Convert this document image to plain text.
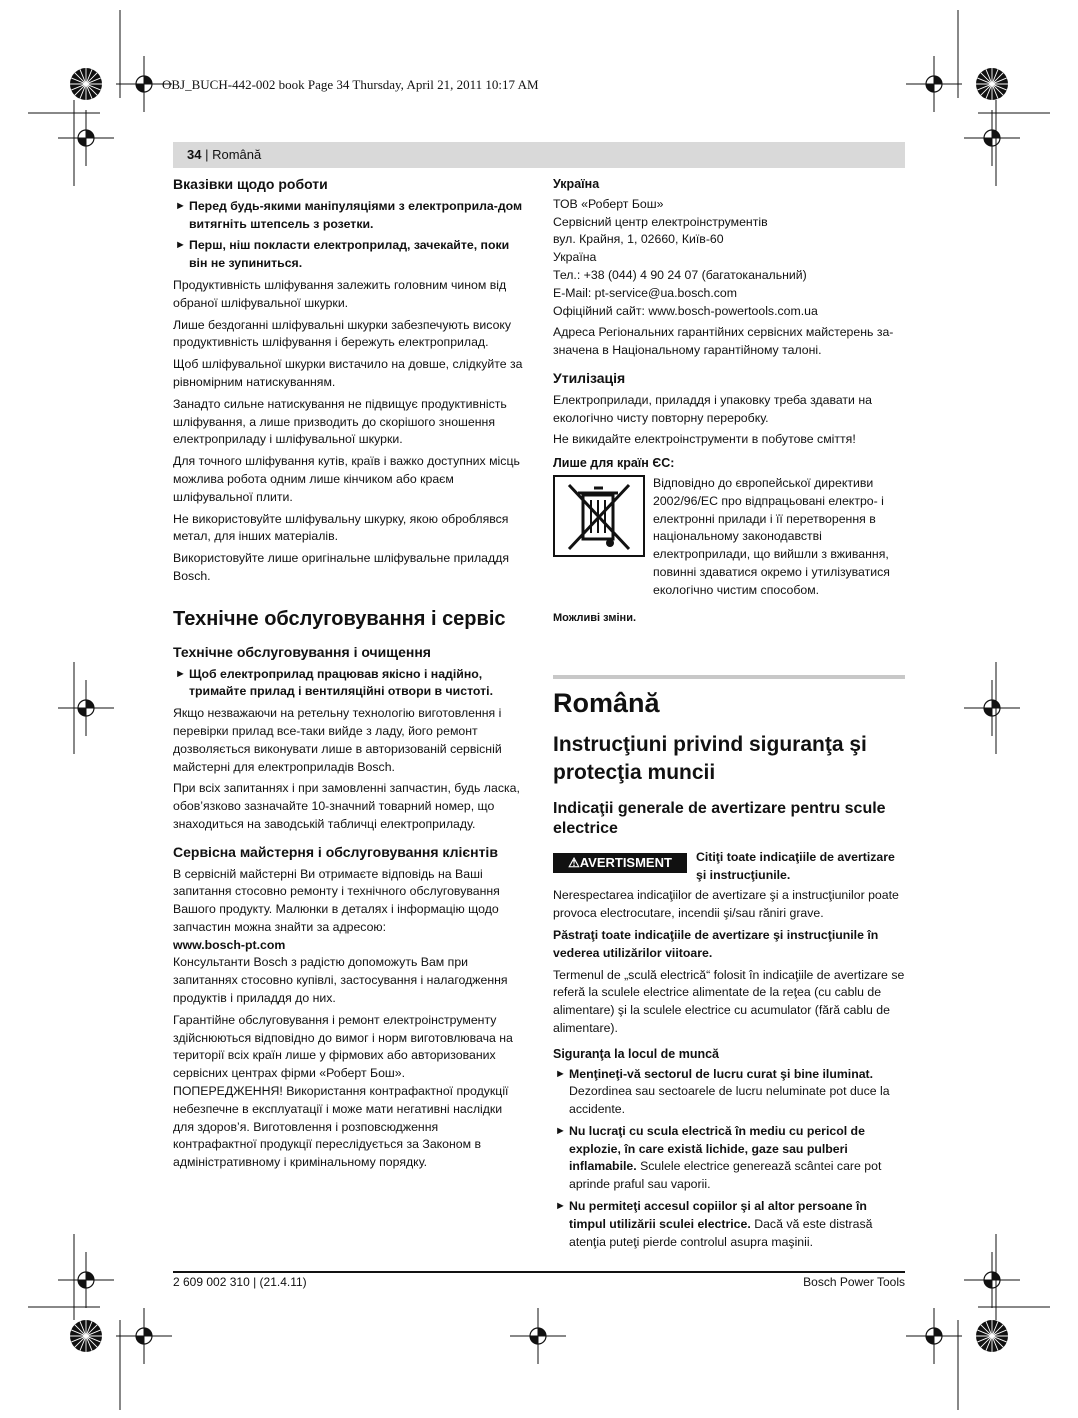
OBJ_BUCH-442-002 book Page 34 Thursday, April 21, 2011 10:17 AM
34 | Română
Вказівки щодо роботи
► Перед будь-якими маніпуляціями з електроприла-дом витягніть штепсель з розетки.
► Перш, ніш покласти електроприлад, зачекайте, поки він не зупиниться.

Продуктивність шліфування залежить головним чином від обраної шліфувальної шкурки.

Лише бездоганні шліфувальні шкурки забезпечують високу продуктивність шліфування і бережуть електроприлад.

Щоб шліфувальної шкурки вистачило на довше, слідкуйте за рівномірним натискуванням.

Занадто сильне натискування не підвищує продуктивність шліфування, а лише призводить до скорішого зношення електроприладу і шліфувальної шкурки.

Для точного шліфування кутів, країв і важко доступних місць можлива робота одним лише кінчиком або краєм шліфувальної плити.

Не використовуйте шліфувальну шкурку, якою оброблявся метал, для інших матеріалів.

Використовуйте лише оригінальне шліфувальне приладдя Bosch.

Технічне обслуговування і сервіс
Технічне обслуговування і очищення
► Щоб електроприлад працював якісно і надійно, тримайте прилад і вентиляційні отвори в чистоті.

Якщо незважаючи на ретельну технологію виготовлення і перевірки прилад все-таки вийде з ладу, його ремонт дозволяється виконувати лише в авторизованій сервісній майстерні для електроприладів Bosch.

При всіх запитаннях і при замовленні запчастин, будь ласка, обов’язково зазначайте 10-значний товарний номер, що знаходиться на заводській табличці електроприладу.

Сервісна майстерня і обслуговування клієнтів

В сервісній майстерні Ви отримаєте відповідь на Ваші запитання стосовно ремонту і технічного обслуговування Вашого продукту. Малюнки в деталях і інформацію щодо запчастин можна знайти за адресою:

www.bosch-pt.com

Консультанти Bosch з радістю допоможуть Вам при запитаннях стосовно купівлі, застосування і налагодження продуктів і приладдя до них.

Гарантійне обслуговування і ремонт електроінструменту здійснюються відповідно до вимог і норм виготовлювача на території всіх країн лише у фірмових або авторизованих сервісних центрах фірми «Роберт Бош».

ПОПЕРЕДЖЕННЯ! Використання контрафактної продукції небезпечне в експлуатації і може мати негативні наслідки для здоров’я. Виготовлення і розповсюдження контрафактної продукції переслідується за Законом в адміністративному і кримінальному порядку.

Україна
ТОВ «Роберт Бош»
Сервісний центр електроінструментів
вул. Крайня, 1, 02660, Київ-60
Україна
Тел.: +38 (044) 4 90 24 07 (багатоканальний)
E-Mail: pt-service@ua.bosch.com
Офіційний сайт: www.bosch-powertools.com.ua

Адреса Регіональних гарантійних сервісних майстерень за-значена в Національному гарантійному талоні.

Утилізація

Електроприлади, приладдя і упаковку треба здавати на екологічно чисту повторну переробку.

Не викидайте електроінструменти в побутове сміття!

Лише для країн ЄС:
Відповідно до європейської директиви 2002/96/EC про відпрацьовані електро- і електронні прилади і її перетворення в національному законодавстві електроприлади, що вийшли з вживання, повинні здаватися окремо і утилізуватися екологічно чистим способом.

Можливі зміни.

Română
Instrucţiuni privind siguranţa şi protecţia muncii
Indicaţii generale de avertizare pentru scule electrice
⚠AVERTISMENT	Citiţi toate indicaţiile de avertizare şi instrucţiunile.

Nerespectarea indicaţiilor de avertizare şi a instrucţiunilor poate provoca electrocutare, incendii şi/sau răniri grave.

Păstraţi toate indicaţiile de avertizare şi instrucţiunile în vederea utilizărilor viitoare.

Termenul de „sculă electrică“ folosit în indicaţiile de avertizare se referă la sculele electrice alimentate de la reţea (cu cablu de alimentare) şi la sculele electrice cu acumulator (fără cablu de alimentare).

Siguranţa la locul de muncă
► Menţineţi-vă sectorul de lucru curat şi bine iluminat. Dezordinea sau sectoarele de lucru neluminate pot duce la accidente.
► Nu lucraţi cu scula electrică în mediu cu pericol de explozie, în care există lichide, gaze sau pulberi inflamabile. Sculele electrice generează scântei care pot aprinde praful sau vaporii.
► Nu permiteţi accesul copiilor şi al altor persoane în timpul utilizării sculei electrice. Dacă vă este distrasă atenţia puteţi pierde controlul asupra maşinii.
2 609 002 310 | (21.4.11)	Bosch Power Tools
